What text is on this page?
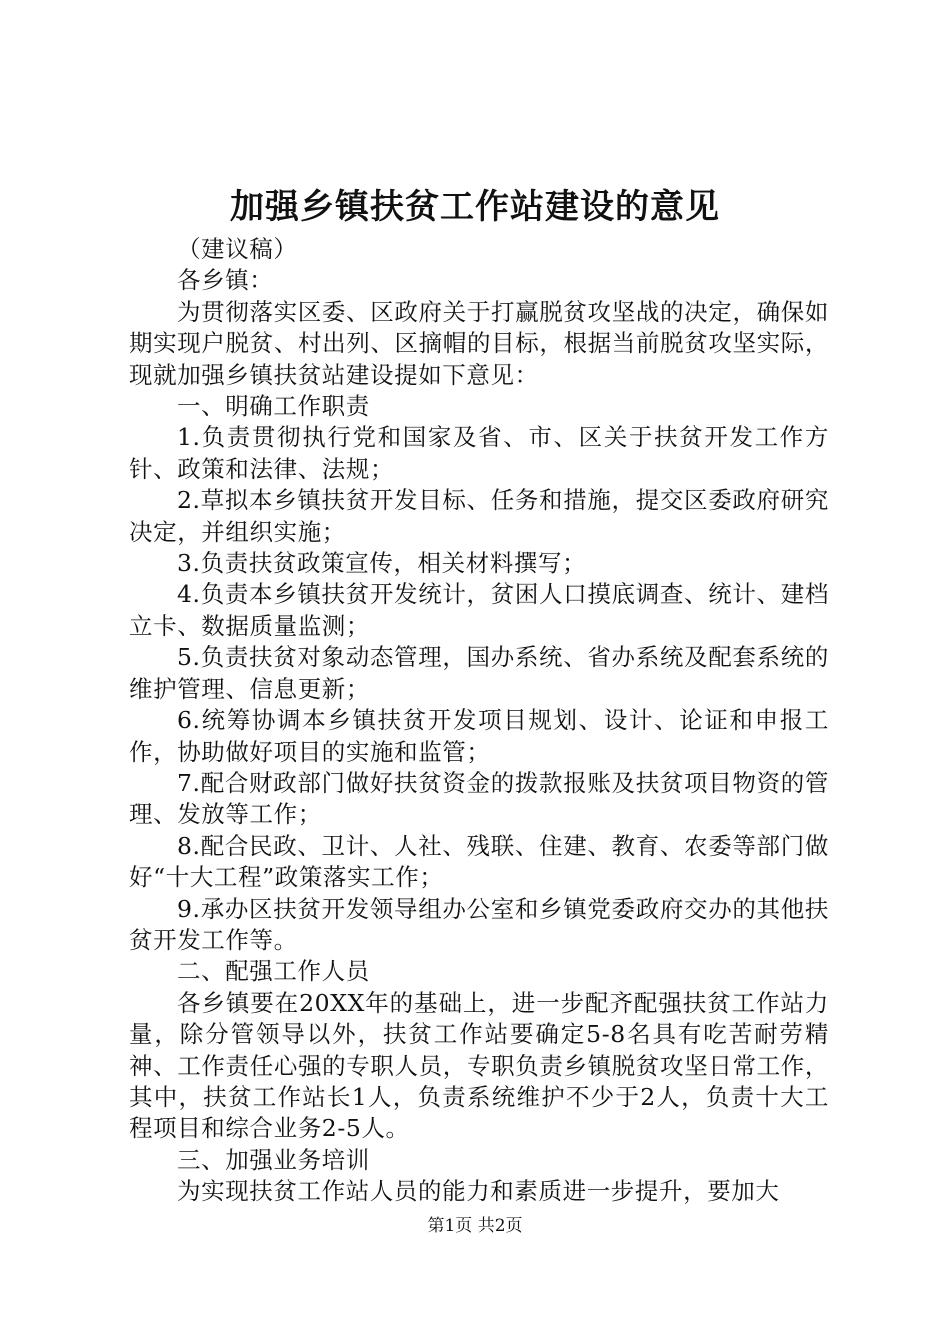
加强乡镇扶贫工作站建设的意见

（建议稿）

各乡镇：

为贯彻落实区委、区政府关于打赢脱贫攻坚战的决定，确保如期实现户脱贫、村出列、区摘帽的目标，根据当前脱贫攻坚实际，现就加强乡镇扶贫站建设提如下意见：

一、明确工作职责

1.负责贯彻执行党和国家及省、市、区关于扶贫开发工作方针、政策和法律、法规；

2.草拟本乡镇扶贫开发目标、任务和措施，提交区委政府研究决定，并组织实施；

3.负责扶贫政策宣传，相关材料撰写；

4.负责本乡镇扶贫开发统计，贫困人口摸底调查、统计、建档立卡、数据质量监测；

5.负责扶贫对象动态管理，国办系统、省办系统及配套系统的维护管理、信息更新；

6.统筹协调本乡镇扶贫开发项目规划、设计、论证和申报工作，协助做好项目的实施和监管；

7.配合财政部门做好扶贫资金的拨款报账及扶贫项目物资的管理、发放等工作；

8.配合民政、卫计、人社、残联、住建、教育、农委等部门做好“十大工程”政策落实工作；

9.承办区扶贫开发领导组办公室和乡镇党委政府交办的其他扶贫开发工作等。

二、配强工作人员

各乡镇要在20XX年的基础上，进一步配齐配强扶贫工作站力量，除分管领导以外，扶贫工作站要确定5-8名具有吃苦耐劳精神、工作责任心强的专职人员，专职负责乡镇脱贫攻坚日常工作，其中，扶贫工作站长1人，负责系统维护不少于2人，负责十大工程项目和综合业务2-5人。

三、加强业务培训

为实现扶贫工作站人员的能力和素质进一步提升，要加大

第1页 共2页
